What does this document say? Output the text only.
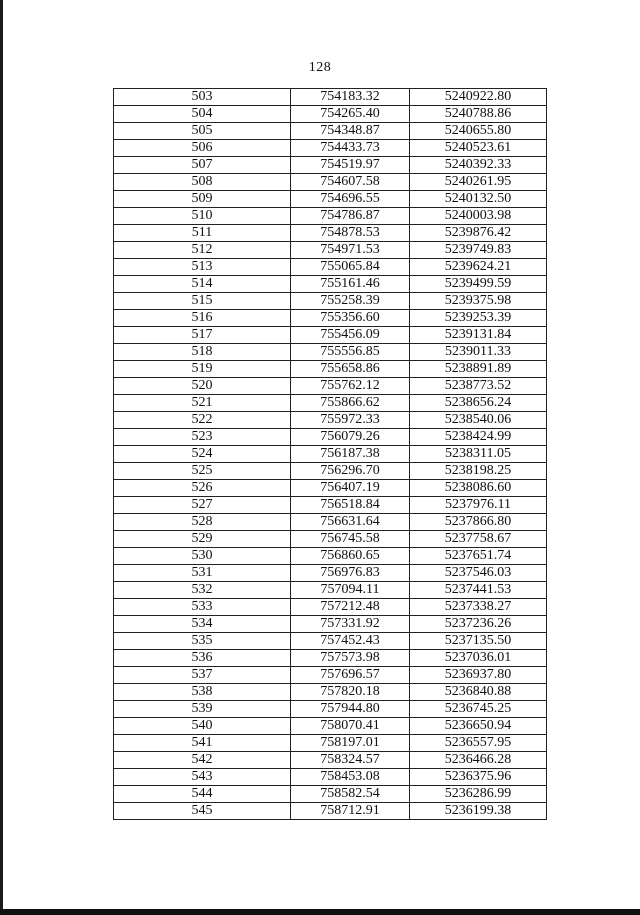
128
503	754183.32	5240922.80
504	754265.40	5240788.86
505	754348.87	5240655.80
506	754433.73	5240523.61
507	754519.97	5240392.33
508	754607.58	5240261.95
509	754696.55	5240132.50
510	754786.87	5240003.98
511	754878.53	5239876.42
512	754971.53	5239749.83
513	755065.84	5239624.21
514	755161.46	5239499.59
515	755258.39	5239375.98
516	755356.60	5239253.39
517	755456.09	5239131.84
518	755556.85	5239011.33
519	755658.86	5238891.89
520	755762.12	5238773.52
521	755866.62	5238656.24
522	755972.33	5238540.06
523	756079.26	5238424.99
524	756187.38	5238311.05
525	756296.70	5238198.25
526	756407.19	5238086.60
527	756518.84	5237976.11
528	756631.64	5237866.80
529	756745.58	5237758.67
530	756860.65	5237651.74
531	756976.83	5237546.03
532	757094.11	5237441.53
533	757212.48	5237338.27
534	757331.92	5237236.26
535	757452.43	5237135.50
536	757573.98	5237036.01
537	757696.57	5236937.80
538	757820.18	5236840.88
539	757944.80	5236745.25
540	758070.41	5236650.94
541	758197.01	5236557.95
542	758324.57	5236466.28
543	758453.08	5236375.96
544	758582.54	5236286.99
545	758712.91	5236199.38
